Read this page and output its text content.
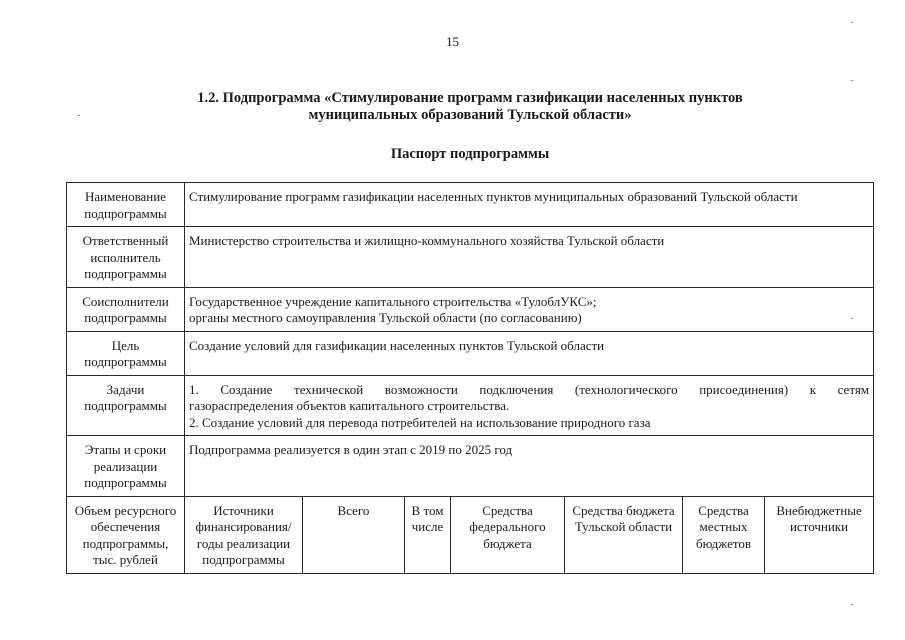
15
1.2. Подпрограмма «Стимулирование программ газификации населенных пунктов
муниципальных образований Тульской области»
Паспорт подпрограммы
Наименование подпрограммы	Стимулирование программ газификации населенных пунктов муниципальных образований Тульской области						
Ответственный исполнитель подпрограммы	Министерство строительства и жилищно-коммунального хозяйства Тульской области						
Соисполнители подпрограммы	Государственное учреждение капитального строительства «ТулоблУКС»;
органы местного самоуправления Тульской области (по согласованию)						

Цель подпрограммы	Создание условий для газификации населенных пунктов Тульской области						
Задачи подпрограммы	1. Создание технической возможности подключения (технологического присоединения) к сетям
газораспределения объектов капитального строительства.
2. Создание условий для перевода потребителей на использование природного газа						

Этапы и сроки реализации подпрограммы	Подпрограмма реализуется в один этап с 2019 по 2025 год						
Объем ресурсного обеспечения подпрограммы, тыс. рублей	Источники финансирования/ годы реализации подпрограммы	Всего	В том числе	Средства федерального бюджета	Средства бюджета Тульской области	Средства местных бюджетов	Внебюджетные источники
